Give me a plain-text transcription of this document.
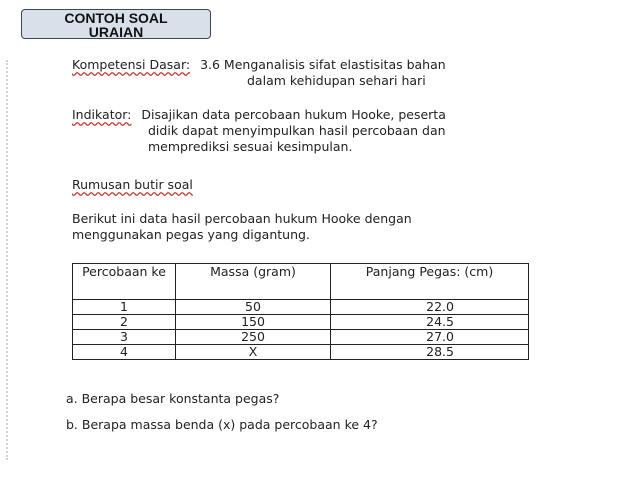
CONTOH SOAL
URAIAN
Kompetensi Dasar: 3.6 Menganalisis sifat elastisitas bahan
dalam kehidupan sehari hari
Indikator: Disajikan data percobaan hukum Hooke, peserta
didik dapat menyimpulkan hasil percobaan dan
memprediksi sesuai kesimpulan.
Rumusan butir soal
Berikut ini data hasil percobaan hukum Hooke dengan
menggunakan pegas yang digantung.
Percobaan ke	Massa (gram)	Panjang Pegas: (cm)
1	50	22.0
2	150	24.5
3	250	27.0
4	X	28.5
a. Berapa besar konstanta pegas?
b. Berapa massa benda (x) pada percobaan ke 4?
